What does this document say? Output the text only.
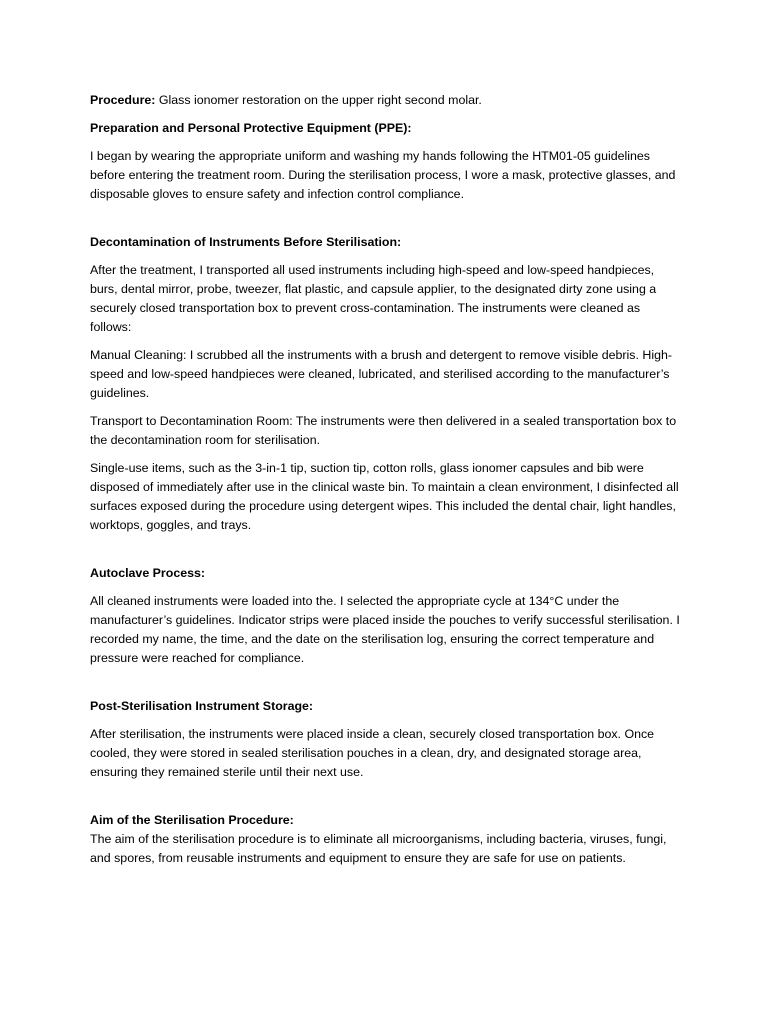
Procedure: Glass ionomer restoration on the upper right second molar.

Preparation and Personal Protective Equipment (PPE):

I began by wearing the appropriate uniform and washing my hands following the HTM01-05 guidelines before entering the treatment room. During the sterilisation process, I wore a mask, protective glasses, and disposable gloves to ensure safety and infection control compliance.

Decontamination of Instruments Before Sterilisation:

After the treatment, I transported all used instruments including high-speed and low-speed handpieces, burs, dental mirror, probe, tweezer, flat plastic, and capsule applier, to the designated dirty zone using a securely closed transportation box to prevent cross-contamination. The instruments were cleaned as follows:

Manual Cleaning: I scrubbed all the instruments with a brush and detergent to remove visible debris. High-speed and low-speed handpieces were cleaned, lubricated, and sterilised according to the manufacturer’s guidelines.

Transport to Decontamination Room: The instruments were then delivered in a sealed transportation box to the decontamination room for sterilisation.

Single-use items, such as the 3-in-1 tip, suction tip, cotton rolls, glass ionomer capsules and bib were disposed of immediately after use in the clinical waste bin. To maintain a clean environment, I disinfected all surfaces exposed during the procedure using detergent wipes. This included the dental chair, light handles, worktops, goggles, and trays.

Autoclave Process:

All cleaned instruments were loaded into the. I selected the appropriate cycle at 134°C under the manufacturer’s guidelines. Indicator strips were placed inside the pouches to verify successful sterilisation. I recorded my name, the time, and the date on the sterilisation log, ensuring the correct temperature and pressure were reached for compliance.

Post-Sterilisation Instrument Storage:

After sterilisation, the instruments were placed inside a clean, securely closed transportation box. Once cooled, they were stored in sealed sterilisation pouches in a clean, dry, and designated storage area, ensuring they remained sterile until their next use.

Aim of the Sterilisation Procedure:

The aim of the sterilisation procedure is to eliminate all microorganisms, including bacteria, viruses, fungi, and spores, from reusable instruments and equipment to ensure they are safe for use on patients.
